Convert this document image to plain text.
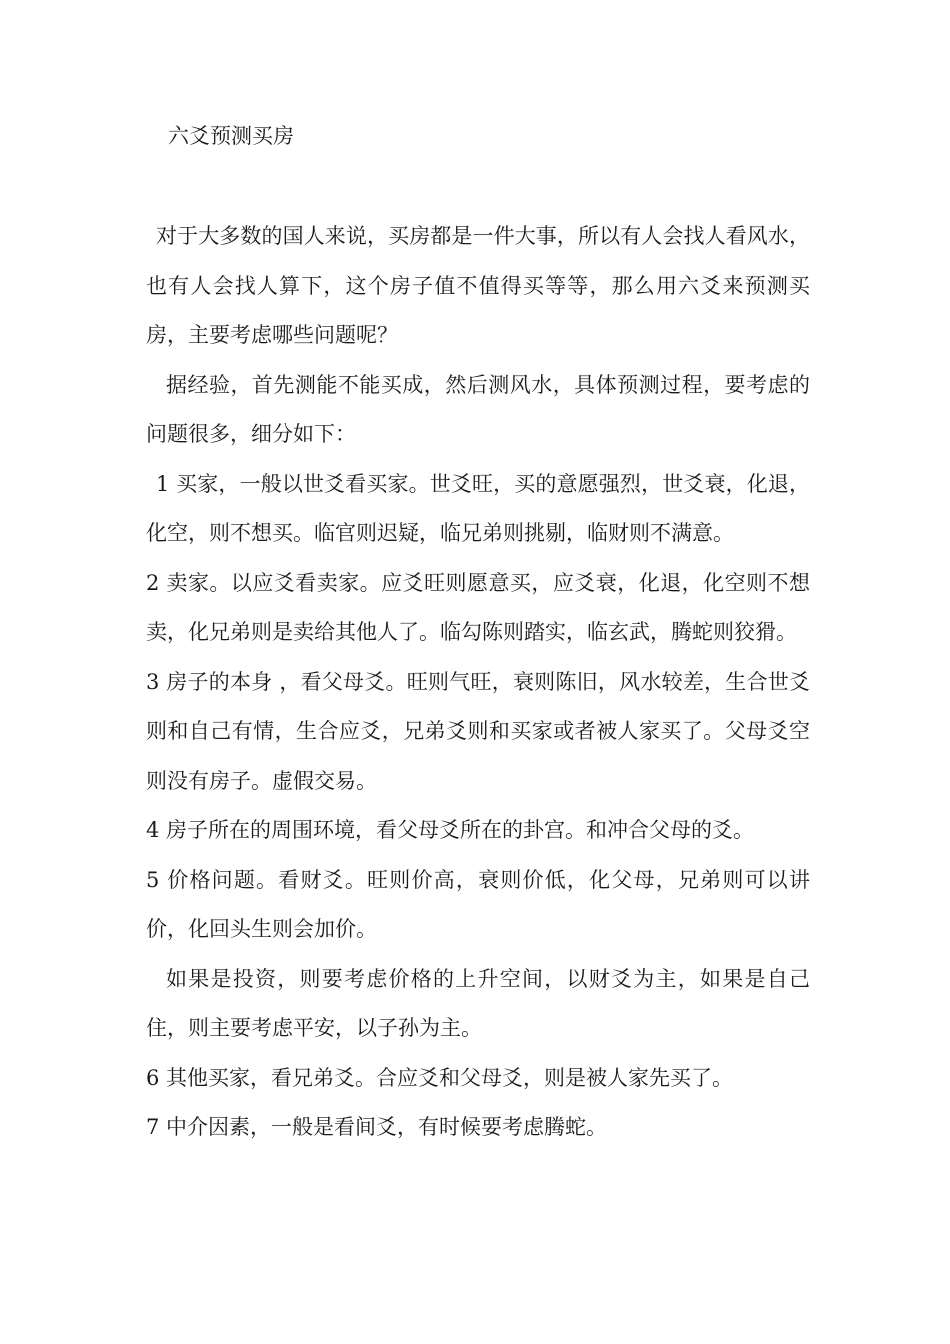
六爻预测买房

对于大多数的国人来说，买房都是一件大事，所以有人会找人看风水，也有人会找人算下，这个房子值不值得买等等，那么用六爻来预测买房，主要考虑哪些问题呢？

据经验，首先测能不能买成，然后测风水，具体预测过程，要考虑的问题很多，细分如下：

1 买家，一般以世爻看买家。世爻旺，买的意愿强烈，世爻衰，化退，化空，则不想买。临官则迟疑，临兄弟则挑剔，临财则不满意。

2 卖家。以应爻看卖家。应爻旺则愿意买，应爻衰，化退，化空则不想卖，化兄弟则是卖给其他人了。临勾陈则踏实，临玄武，腾蛇则狡猾。

3 房子的本身 ，看父母爻。旺则气旺，衰则陈旧，风水较差，生合世爻则和自己有情，生合应爻，兄弟爻则和买家或者被人家买了。父母爻空则没有房子。虚假交易。

4 房子所在的周围环境，看父母爻所在的卦宫。和冲合父母的爻。

5 价格问题。看财爻。旺则价高，衰则价低，化父母，兄弟则可以讲价，化回头生则会加价。

如果是投资，则要考虑价格的上升空间，以财爻为主，如果是自己住，则主要考虑平安，以子孙为主。

6 其他买家，看兄弟爻。合应爻和父母爻，则是被人家先买了。

7 中介因素，一般是看间爻，有时候要考虑腾蛇。
